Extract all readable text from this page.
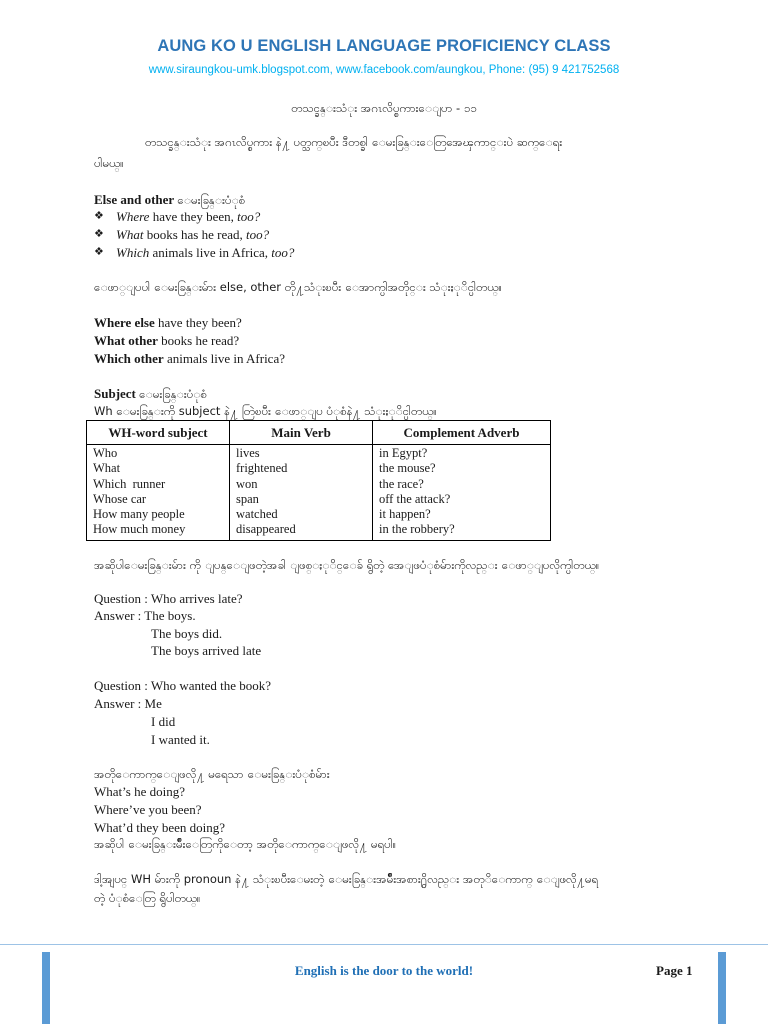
AUNG KO U ENGLISH LANGUAGE PROFICIENCY CLASS
www.siraungkou-umk.blogspot.com, www.facebook.com/aungkou, Phone: (95) 9 421752568
တသင္ခန္းသံုး အဂၤလိပ္စကားေျပာ - ၁၁
တသင္ခန္းသံုး အဂၤလိပ္စကား နဲ႔ ပတ္သက္ၿပီး ဒီတစ္ခါ ေမးခြန္းေတြအေၾကာင္းပဲ ဆက္ေရး
ပါမယ္။
Else and other ေမးခြန္းပံုစံ
❖ Where have they been, too?
❖ What books has he read, too?
❖ Which animals live in Africa, too?
ေဖာ္ျပပါ ေမးခြန္းမ်ား else, other တို႔သံုးၿပီး ေအာက္ပါအတိုင္း သံုးႏုိင္ပါတယ္။
Where else have they been?
What other books he read?
Which other animals live in Africa?
Subject ေမးခြန္းပံုစံ
Wh ေမးခြန္းကို subject နဲ႔ တြဲၿပီး ေဖာ္ျပ ပံုစံနဲ႔ သံုးႏုိင္ပါတယ္။
WH-word subject	Main Verb	Complement Adverb
Who	lives	in Egypt?
What	frightened	the mouse?
Which  runner	won	the race?
Whose car	span	off the attack?
How many people	watched	it happen?
How much money	disappeared	in the robbery?
အဆိုပါေမးခြန္းမ်ား ကို ျပန္ေျဖတဲ့အခါ ျဖစ္ႏုိင္ေခ် ရွိတဲ့ အေျဖပံုစံမ်ားကိုလည္း ေဖာ္ျပလိုက္ပါတယ္။
Question : Who arrives late?
Answer : The boys.
The boys did.
The boys arrived late
Question : Who wanted the book?
Answer : Me
I did
I wanted it.
အတိုေကာက္ေျဖလို႔ မရေသာ ေမးခြန္းပံုစံမ်ား
What’s he doing?
Where’ve you been?
What’d they been doing?
အဆိုပါ ေမးခြန္းမ်ဳိးေတြကိုေတာ့ အတိုေကာက္ေျဖလို႔ မရပါ။
ဒါ့အျပင္ WH မ်ားကို pronoun နဲ႔ သံုးၿပီးေမးတဲ့ ေမးခြန္းအမ်ဳိးအစား႐ွိလည္း အတုိေကာက္ ေျဖလို႔မရ
တဲ့ ပံုစံေတြ ရွိပါတယ္။
English is the door to the world!	Page 1
